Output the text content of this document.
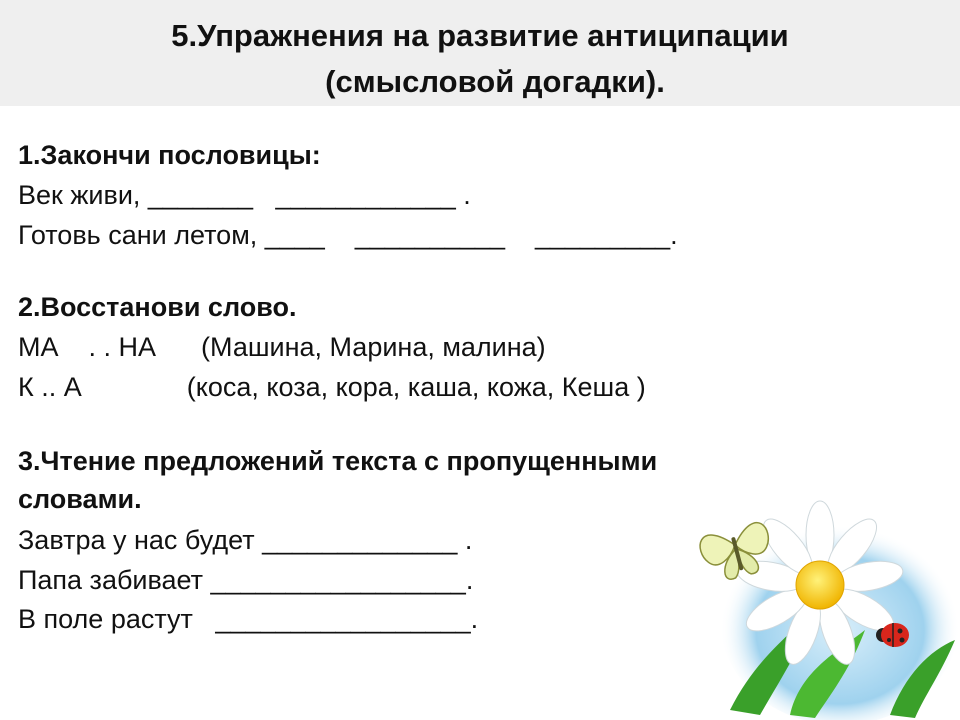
5.Упражнения на развитие антиципации
(смысловой догадки).
1.Закончи пословицы:
Век живи, _______   ____________ .
Готовь сани летом, ____    __________    _________.
2.Восстанови слово.
МА    . . НА      (Машина, Марина, малина)
К .. А              (коса, коза, кора, каша, кожа, Кеша )
3.Чтение предложений текста с пропущенными
словами.
Завтра у нас будет _____________ .
Папа забивает _________________.
В поле растут   _________________.
